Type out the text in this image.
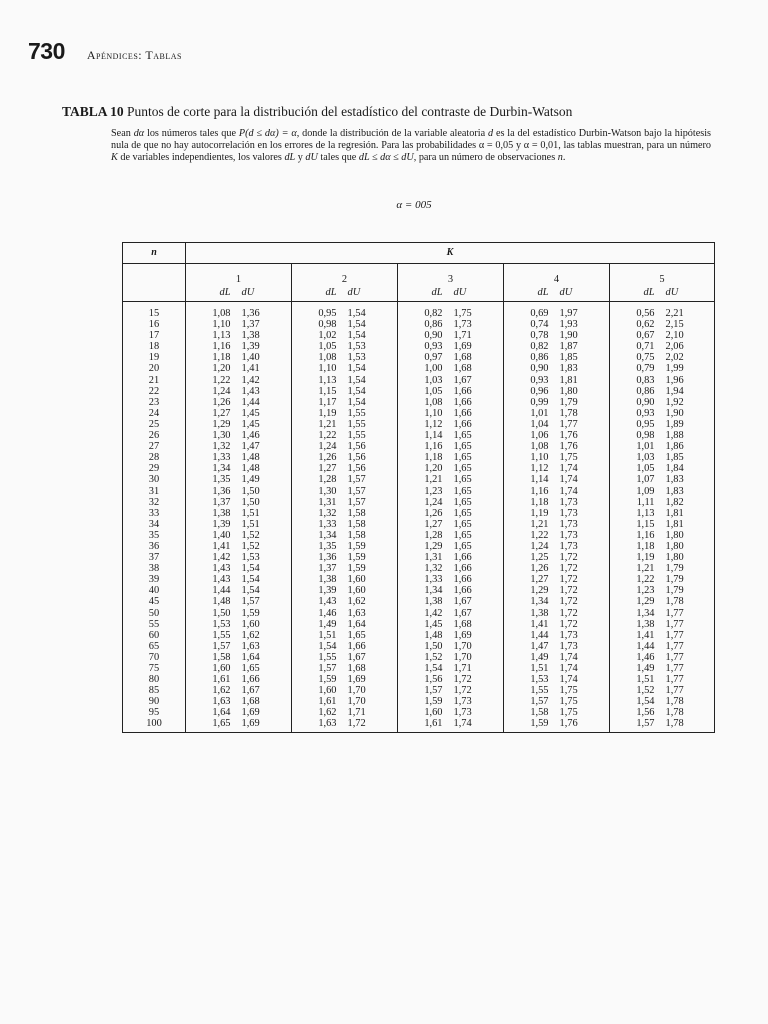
730 Apéndices: Tablas
TABLA 10 Puntos de corte para la distribución del estadístico del contraste de Durbin-Watson

Sean dα los números tales que P(d ≤ dα) = α, donde la distribución de la variable aleatoria d es la del estadístico Durbin-Watson bajo la hipótesis nula de que no hay autocorrelación en los errores de la regresión. Para las probabilidades α = 0,05 y α = 0,01, las tablas muestran, para un número K de variables independientes, los valores dL y dU tales que dL ≤ dα ≤ dU, para un número de observaciones n.

α = 005
n	K									
	1		2		3		4		5	
	dL	dU	dL	dU	dL	dU	dL	dU	dL	dU
15	1,08	1,36	0,95	1,54	0,82	1,75	0,69	1,97	0,56	2,21
16	1,10	1,37	0,98	1,54	0,86	1,73	0,74	1,93	0,62	2,15
17	1,13	1,38	1,02	1,54	0,90	1,71	0,78	1,90	0,67	2,10
18	1,16	1,39	1,05	1,53	0,93	1,69	0,82	1,87	0,71	2,06
19	1,18	1,40	1,08	1,53	0,97	1,68	0,86	1,85	0,75	2,02
20	1,20	1,41	1,10	1,54	1,00	1,68	0,90	1,83	0,79	1,99
21	1,22	1,42	1,13	1,54	1,03	1,67	0,93	1,81	0,83	1,96
22	1,24	1,43	1,15	1,54	1,05	1,66	0,96	1,80	0,86	1,94
23	1,26	1,44	1,17	1,54	1,08	1,66	0,99	1,79	0,90	1,92
24	1,27	1,45	1,19	1,55	1,10	1,66	1,01	1,78	0,93	1,90
25	1,29	1,45	1,21	1,55	1,12	1,66	1,04	1,77	0,95	1,89
26	1,30	1,46	1,22	1,55	1,14	1,65	1,06	1,76	0,98	1,88
27	1,32	1,47	1,24	1,56	1,16	1,65	1,08	1,76	1,01	1,86
28	1,33	1,48	1,26	1,56	1,18	1,65	1,10	1,75	1,03	1,85
29	1,34	1,48	1,27	1,56	1,20	1,65	1,12	1,74	1,05	1,84
30	1,35	1,49	1,28	1,57	1,21	1,65	1,14	1,74	1,07	1,83
31	1,36	1,50	1,30	1,57	1,23	1,65	1,16	1,74	1,09	1,83
32	1,37	1,50	1,31	1,57	1,24	1,65	1,18	1,73	1,11	1,82
33	1,38	1,51	1,32	1,58	1,26	1,65	1,19	1,73	1,13	1,81
34	1,39	1,51	1,33	1,58	1,27	1,65	1,21	1,73	1,15	1,81
35	1,40	1,52	1,34	1,58	1,28	1,65	1,22	1,73	1,16	1,80
36	1,41	1,52	1,35	1,59	1,29	1,65	1,24	1,73	1,18	1,80
37	1,42	1,53	1,36	1,59	1,31	1,66	1,25	1,72	1,19	1,80
38	1,43	1,54	1,37	1,59	1,32	1,66	1,26	1,72	1,21	1,79
39	1,43	1,54	1,38	1,60	1,33	1,66	1,27	1,72	1,22	1,79
40	1,44	1,54	1,39	1,60	1,34	1,66	1,29	1,72	1,23	1,79
45	1,48	1,57	1,43	1,62	1,38	1,67	1,34	1,72	1,29	1,78
50	1,50	1,59	1,46	1,63	1,42	1,67	1,38	1,72	1,34	1,77
55	1,53	1,60	1,49	1,64	1,45	1,68	1,41	1,72	1,38	1,77
60	1,55	1,62	1,51	1,65	1,48	1,69	1,44	1,73	1,41	1,77
65	1,57	1,63	1,54	1,66	1,50	1,70	1,47	1,73	1,44	1,77
70	1,58	1,64	1,55	1,67	1,52	1,70	1,49	1,74	1,46	1,77
75	1,60	1,65	1,57	1,68	1,54	1,71	1,51	1,74	1,49	1,77
80	1,61	1,66	1,59	1,69	1,56	1,72	1,53	1,74	1,51	1,77
85	1,62	1,67	1,60	1,70	1,57	1,72	1,55	1,75	1,52	1,77
90	1,63	1,68	1,61	1,70	1,59	1,73	1,57	1,75	1,54	1,78
95	1,64	1,69	1,62	1,71	1,60	1,73	1,58	1,75	1,56	1,78
100	1,65	1,69	1,63	1,72	1,61	1,74	1,59	1,76	1,57	1,78
